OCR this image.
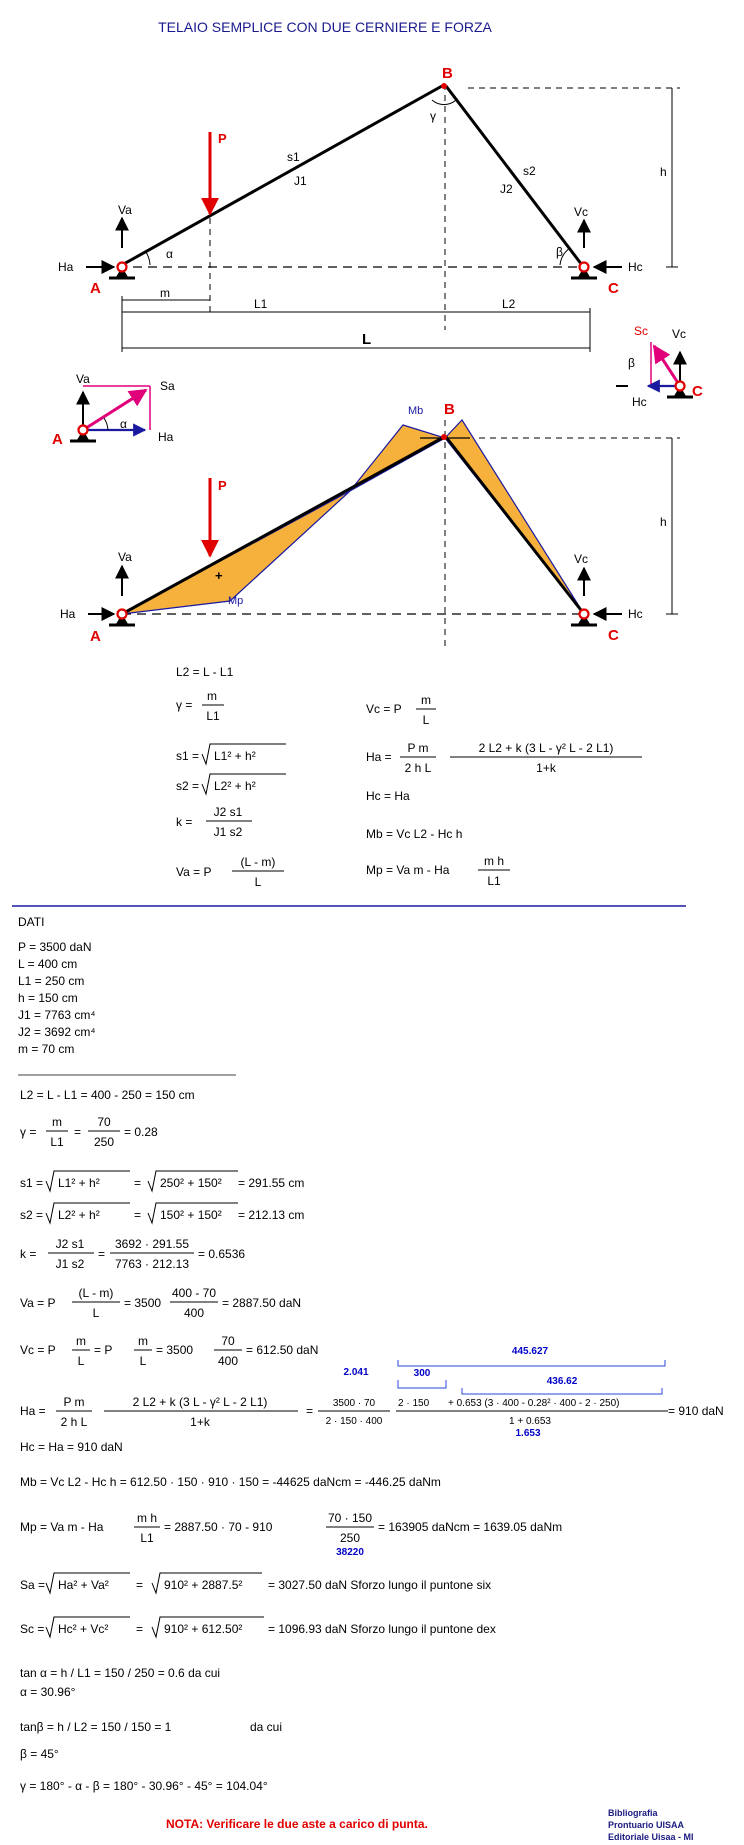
TELAIO SEMPLICE CON DUE CERNIERE E FORZA
B
A	C
P
Va	Vc
Ha	Hc
s1
J1
s2
J2
α	β
γ
h
m
L1	L2
L
Va	Sa
Ha
α
A
Sc Vc
β
Hc
C
B
Mb
Mp
+
P
Va	Vc
Ha	Hc
h
A	C
L2 = L - L1
γ =
m
L1
s1 = L1² + h²
s2 = L2² + h²
k =
J2 s1
J1 s2
Va = P
(L - m)
L
Vc = P
m
L
Ha =
P m
2 h L
2 L2 + k (3 L - γ² L - 2 L1)
1+k
Hc = Ha
Mb = Vc L2 - Hc h
Mp = Va m - Ha
m h
L1
DATI
P = 3500 daN
L = 400 cm
L1 = 250 cm
h = 150 cm
J1 = 7763 cm⁴
J2 = 3692 cm⁴
m = 70 cm
L2 = L - L1 = 400 - 250 = 150 cm
γ =
m
L1
=
70
250
= 0.28
s1 = L1² + h²	= 250² + 150² = 291.55 cm
s2 = L2² + h²	= 150² + 150² = 212.13 cm
k =
J2 s1
J1 s2
=
3692 · 291.55
7763 · 212.13
= 0.6536
Va = P
(L - m)
L
= 3500
400 - 70
400
= 2887.50 daN
Vc = P
m
L
= P
m
L
= 3500
70
400
= 612.50 daN
Ha =
P m
2 h L
2 L2 + k (3 L - γ² L - 2 L1)
1+k
=
3500 · 70
2 · 150 · 400
2 · 150 + 0.653 (3 · 400 - 0.28² · 400 - 2 · 250)
1 + 0.653
= 910 daN
2.041	300
445.627
436.62
1.653
Hc = Ha = 910 daN
Mb = Vc L2 - Hc h = 612.50 · 150 · 910 · 150 = -44625 daNcm = -446.25 daNm
Mp = Va m - Ha
m h
L1
= 2887.50 · 70 - 910
70 · 150
250
38220
= 163905 daNcm = 1639.05 daNm
Sa = Ha² + Va² = 910² + 2887.5² = 3027.50 daN Sforzo lungo il puntone six
Sc = Hc² + Vc² = 910² + 612.50² = 1096.93 daN Sforzo lungo il puntone dex
tan α = h / L1 = 150 / 250 = 0.6 da cui
α = 30.96°
tanβ = h / L2 = 150 / 150 = 1	da cui
β = 45°
γ = 180° - α - β = 180° - 30.96° - 45° = 104.04°
NOTA: Verificare le due aste a carico di punta.
Bibliografia
Prontuario UISAA
Editoriale Uisaa - MI
